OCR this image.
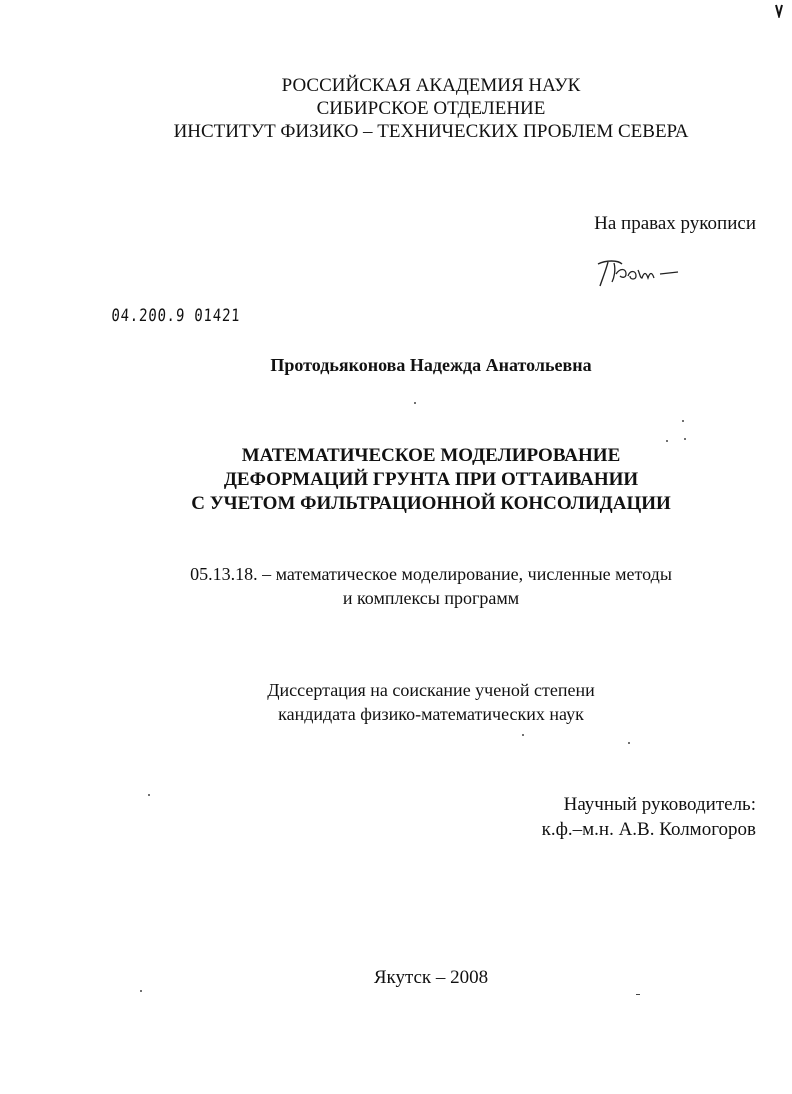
РОССИЙСКАЯ АКАДЕМИЯ НАУК
СИБИРСКОЕ ОТДЕЛЕНИЕ
ИНСТИТУТ ФИЗИКО – ТЕХНИЧЕСКИХ ПРОБЛЕМ СЕВЕРА
На правах рукописи
04.200.9 01421
Протодьяконова Надежда Анатольевна
МАТЕМАТИЧЕСКОЕ МОДЕЛИРОВАНИЕ
ДЕФОРМАЦИЙ ГРУНТА ПРИ ОТТАИВАНИИ
С УЧЕТОМ ФИЛЬТРАЦИОННОЙ КОНСОЛИДАЦИИ
05.13.18. – математическое моделирование, численные методы
и комплексы программ
Диссертация на соискание ученой степени
кандидата физико-математических наук
Научный руководитель:
к.ф.–м.н. А.В. Колмогоров
Якутск – 2008
